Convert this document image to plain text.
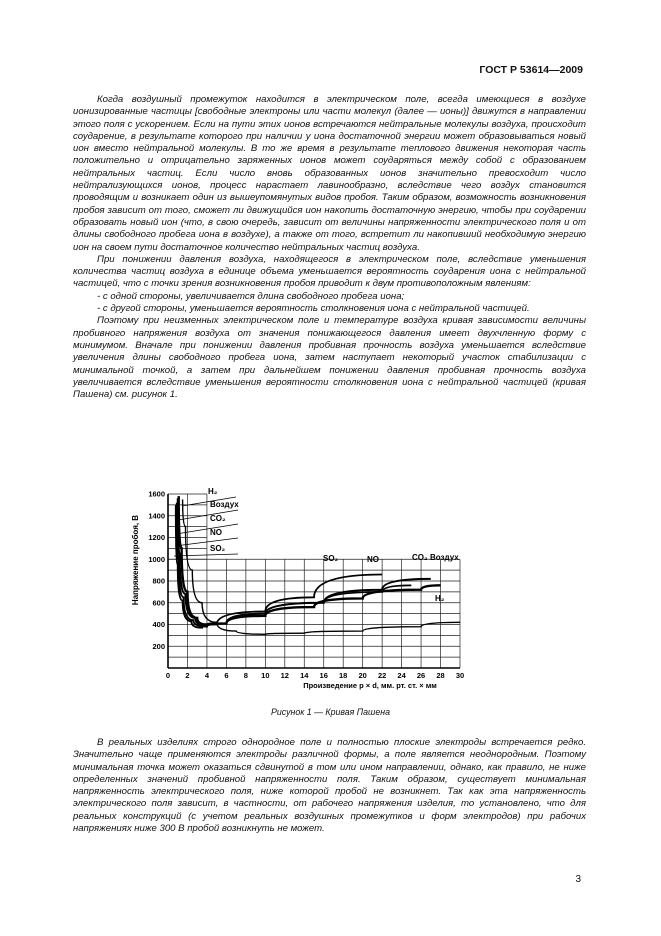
ГОСТ Р 53614—2009

Когда воздушный промежуток находится в электрическом поле, всегда имеющиеся в воздухе ионизированные частицы [свободные электроны или части молекул (далее — ионы)] движутся в направлении этого поля с ускорением. Если на пути этих ионов встречаются нейтральные молекулы воздуха, происходит соударение, в результате которого при наличии у иона достаточной энергии может образовываться новый ион вместо нейтральной молекулы. В то же время в результате теплового движения некоторая часть положительно и отрицательно заряженных ионов может соударяться между собой с образованием нейтральных частиц. Если число вновь образованных ионов значительно превосходит число нейтрализующихся ионов, процесс нарастает лавинообразно, вследствие чего воздух становится проводящим и возникает один из вышеупомянутых видов пробоя. Таким образом, возможность возникновения пробоя зависит от того, сможет ли движущийся ион накопить достаточную энергию, чтобы при соударении образовать новый ион (что, в свою очередь, зависит от величины напряженности электрического поля и от длины свободного пробега иона в воздухе), а также от того, встретит ли накопивший необходимую энергию ион на своем пути достаточное количество нейтральных частиц воздуха.

При понижении давления воздуха, находящегося в электрическом поле, вследствие уменьшения количества частиц воздуха в единице объема уменьшается вероятность соударения иона с нейтральной частицей, что с точки зрения возникновения пробоя приводит к двум противоположным явлениям:

- с одной стороны, увеличивается длина свободного пробега иона;

- с другой стороны, уменьшается вероятность столкновения иона с нейтральной частицей.

Поэтому при неизменных электрическом поле и температуре воздуха кривая зависимости величины пробивного напряжения воздуха от значения понижающегося давления имеет двухчленную форму с минимумом. Вначале при понижении давления пробивная прочность воздуха уменьшается вследствие увеличения длины свободного пробега иона, затем наступает некоторый участок стабилизации с минимальной точкой, а затем при дальнейшем понижении давления пробивная прочность воздуха увеличивается вследствие уменьшения вероятности столкновения иона с нейтральной частицей (кривая Пашена) см. рисунок 1.

0 2 4 6 8 10 12 14 16 18 20 22 24 26 28 30
200
400
600
800
1000
1200
1400
1600	H₂
Воздух
CO₂
NO
SO₂
H₂
Воздух
CO₂
NO
SO₂
Напряжение пробоя, В
Произведение p × d, мм. рт. ст. × мм
Рисунок 1 — Кривая Пашена

В реальных изделиях строго однородное поле и полностью плоские электроды встречается редко. Значительно чаще применяются электроды различной формы, а поле является неоднородным. Поэтому минимальная точка может оказаться сдвинутой в том или ином направлении, однако, как правило, не ниже определенных значений пробивной напряженности поля. Таким образом, существует минимальная напряженность электрического поля, ниже которой пробой не возникнет. Так как эта напряженность электрического поля зависит, в частности, от рабочего напряжения изделия, то установлено, что для реальных конструкций (с учетом реальных воздушных промежутков и форм электродов) при рабочих напряжениях ниже 300 В пробой возникнуть не может.

3
